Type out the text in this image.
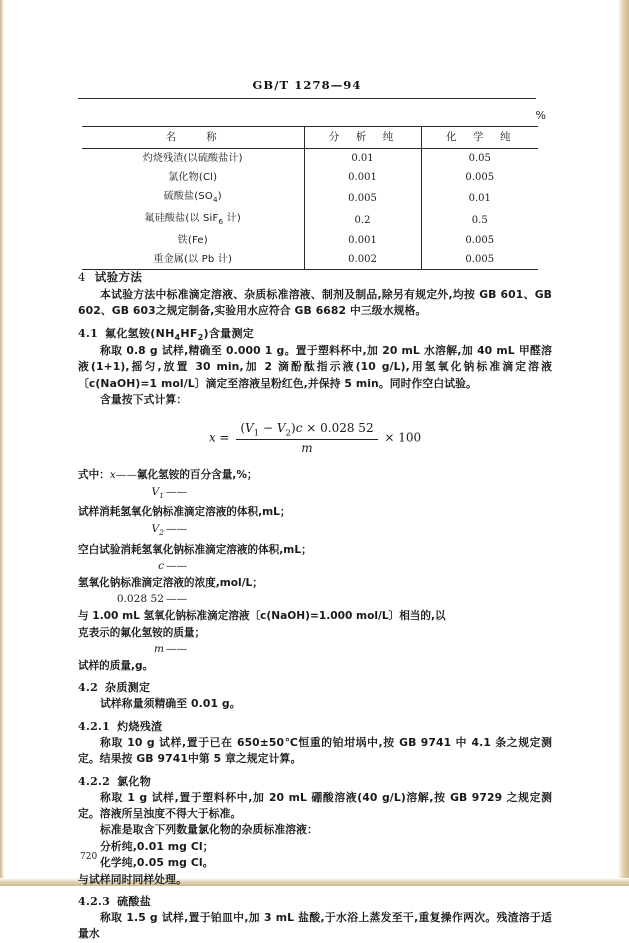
GB/T 1278—94
%
名　　称	分　析　纯	化　学　纯
灼烧残渣(以硫酸盐计)	0.01	0.05
氯化物(Cl)	0.001	0.005
硫酸盐$(SO_4)$	0.005	0.01
氟硅酸盐(以 SiF$_6$ 计)	0.2	0.5
铁(Fe)	0.001	0.005
重金属(以 Pb 计)	0.002	0.005
4 试验方法

本试验方法中标准滴定溶液、杂质标准溶液、制剂及制品,除另有规定外,均按 GB 601、GB 602、GB 603之规定制备,实验用水应符合 GB 6682 中三级水规格。

4.1 氟化氢铵$(NH_4HF_2)$含量测定

称取 0.8 g 试样,精确至 0.000 1 g。置于塑料杯中,加 20 mL 水溶解,加 40 mL 甲醛溶液(1+1),摇匀,放置 30 min,加 2 滴酚酞指示液(10 g/L),用氢氧化钠标准滴定溶液〔c(NaOH)=1 mol/L〕滴定至溶液呈粉红色,并保持 5 min。同时作空白试验。

含量按下式计算：

$x = \frac{(V_1 - V_2)c \times 0.028 52}{m} \times 100$
式中：x——氟化氢铵的百分含量,%；
$V_1$ ——试样消耗氢氧化钠标准滴定溶液的体积,mL；
$V_2$ ——空白试验消耗氢氧化钠标准滴定溶液的体积,mL；
c ——氢氧化钠标准滴定溶液的浓度,mol/L；
0.028 52 ——与 1.00 mL 氢氧化钠标准滴定溶液〔c(NaOH)=1.000 mol/L〕相当的,以克表示的氟化氢铵的质量；
m ——试样的质量,g。
4.2 杂质测定

试样称量须精确至 0.01 g。

4.2.1 灼烧残渣

称取 10 g 试样,置于已在 650±50℃恒重的铂坩埚中,按 GB 9741 中 4.1 条之规定测定。结果按 GB 9741中第 5 章之规定计算。

4.2.2 氯化物

称取 1 g 试样,置于塑料杯中,加 20 mL 硼酸溶液(40 g/L)溶解,按 GB 9729 之规定测定。溶液所呈浊度不得大于标准。

标准是取含下列数量氯化物的杂质标准溶液：

分析纯,0.01 mg Cl；

化学纯,0.05 mg Cl。

与试样同时同样处理。

4.2.3 硫酸盐

称取 1.5 g 试样,置于铂皿中,加 3 mL 盐酸,于水浴上蒸发至干,重复操作两次。残渣溶于适量水

720
